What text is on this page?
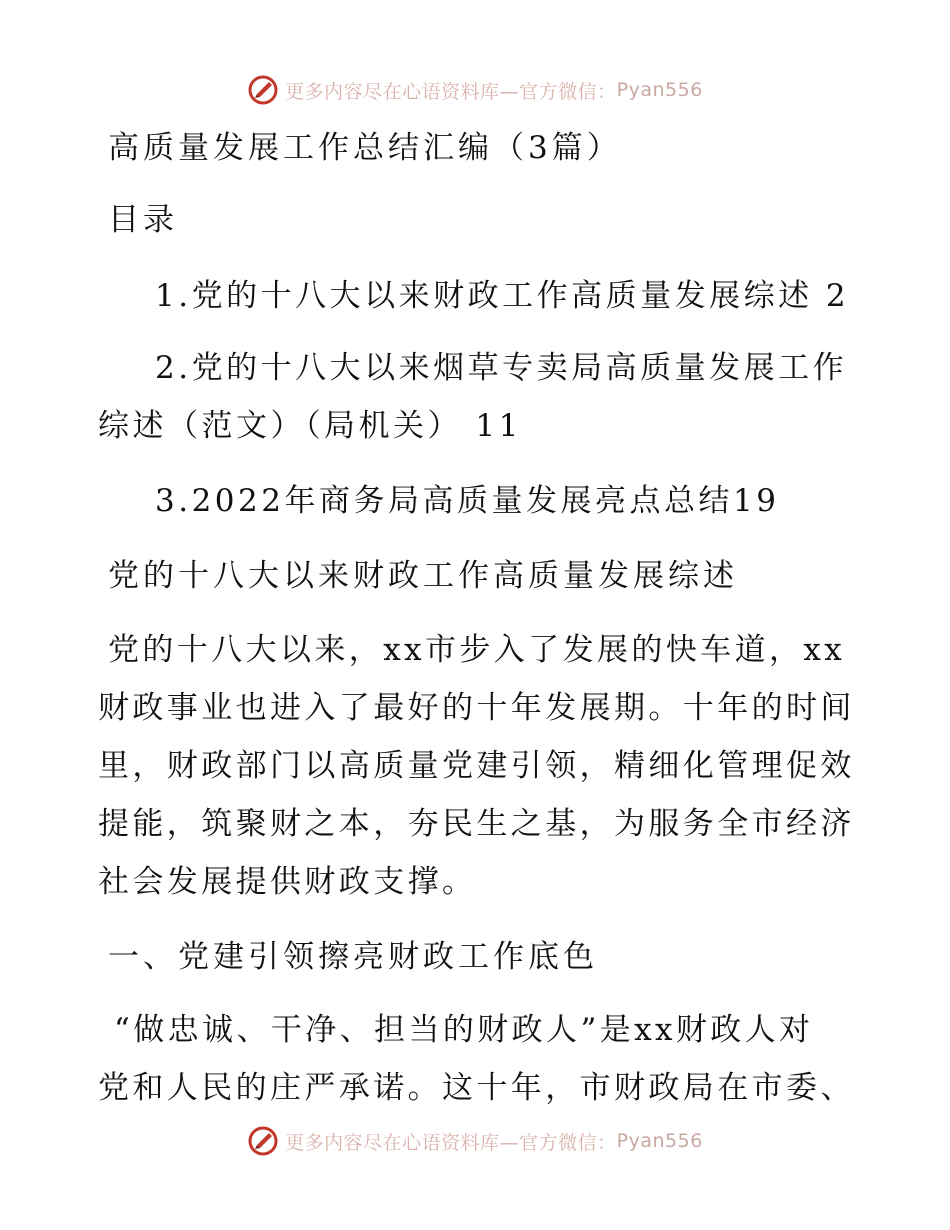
更多内容尽在心语资料库—官方微信： Pyan556
高质量发展工作总结汇编（3篇）
目录
1.党的十八大以来财政工作高质量发展综述 2
2.党的十八大以来烟草专卖局高质量发展工作
综述（范文）（局机关） 11
3.2022年商务局高质量发展亮点总结19
党的十八大以来财政工作高质量发展综述
党的十八大以来，xx市步入了发展的快车道，xx
财政事业也进入了最好的十年发展期。十年的时间
里，财政部门以高质量党建引领，精细化管理促效
提能，筑聚财之本，夯民生之基，为服务全市经济
社会发展提供财政支撑。
一、党建引领擦亮财政工作底色
“做忠诚、干净、担当的财政人”是xx财政人对
党和人民的庄严承诺。这十年，市财政局在市委、
更多内容尽在心语资料库—官方微信： Pyan556
